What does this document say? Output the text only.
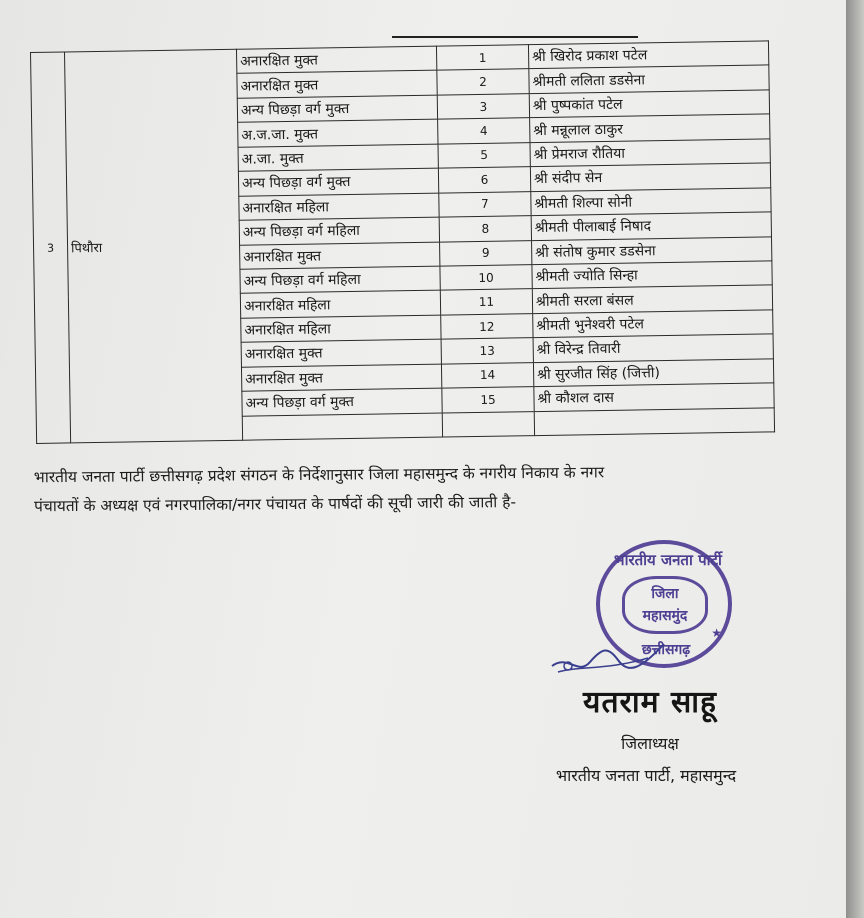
3	पिथौरा	अनारक्षित मुक्त	1	श्री खिरोद प्रकाश पटेल
		अनारक्षित मुक्त	2	श्रीमती ललिता डडसेना
		अन्य पिछड़ा वर्ग मुक्त	3	श्री पुष्पकांत पटेल
		अ.ज.जा. मुक्त	4	श्री मन्नूलाल ठाकुर
		अ.जा. मुक्त	5	श्री प्रेमराज रौतिया
		अन्य पिछड़ा वर्ग मुक्त	6	श्री संदीप सेन
		अनारक्षित महिला	7	श्रीमती शिल्पा सोनी
		अन्य पिछड़ा वर्ग महिला	8	श्रीमती पीलाबाई निषाद
		अनारक्षित मुक्त	9	श्री संतोष कुमार डडसेना
		अन्य पिछड़ा वर्ग महिला	10	श्रीमती ज्योति सिन्हा
		अनारक्षित महिला	11	श्रीमती सरला बंसल
		अनारक्षित महिला	12	श्रीमती भुनेश्वरी पटेल
		अनारक्षित मुक्त	13	श्री विरेन्द्र तिवारी
		अनारक्षित मुक्त	14	श्री सुरजीत सिंह (जित्ती)
		अन्य पिछड़ा वर्ग मुक्त	15	श्री कौशल दास

भारतीय जनता पार्टी छत्तीसगढ़ प्रदेश संगठन के निर्देशानुसार जिला महासमुन्द के नगरीय निकाय के नगर
पंचायतों के अध्यक्ष एवं नगरपालिका/नगर पंचायत के पार्षदों की सूची जारी की जाती है-
भारतीय जनता पार्टी
जिला
महासमुंद
छत्तीसगढ़
★
यतराम साहू
जिलाध्यक्ष
भारतीय जनता पार्टी, महासमुन्द
